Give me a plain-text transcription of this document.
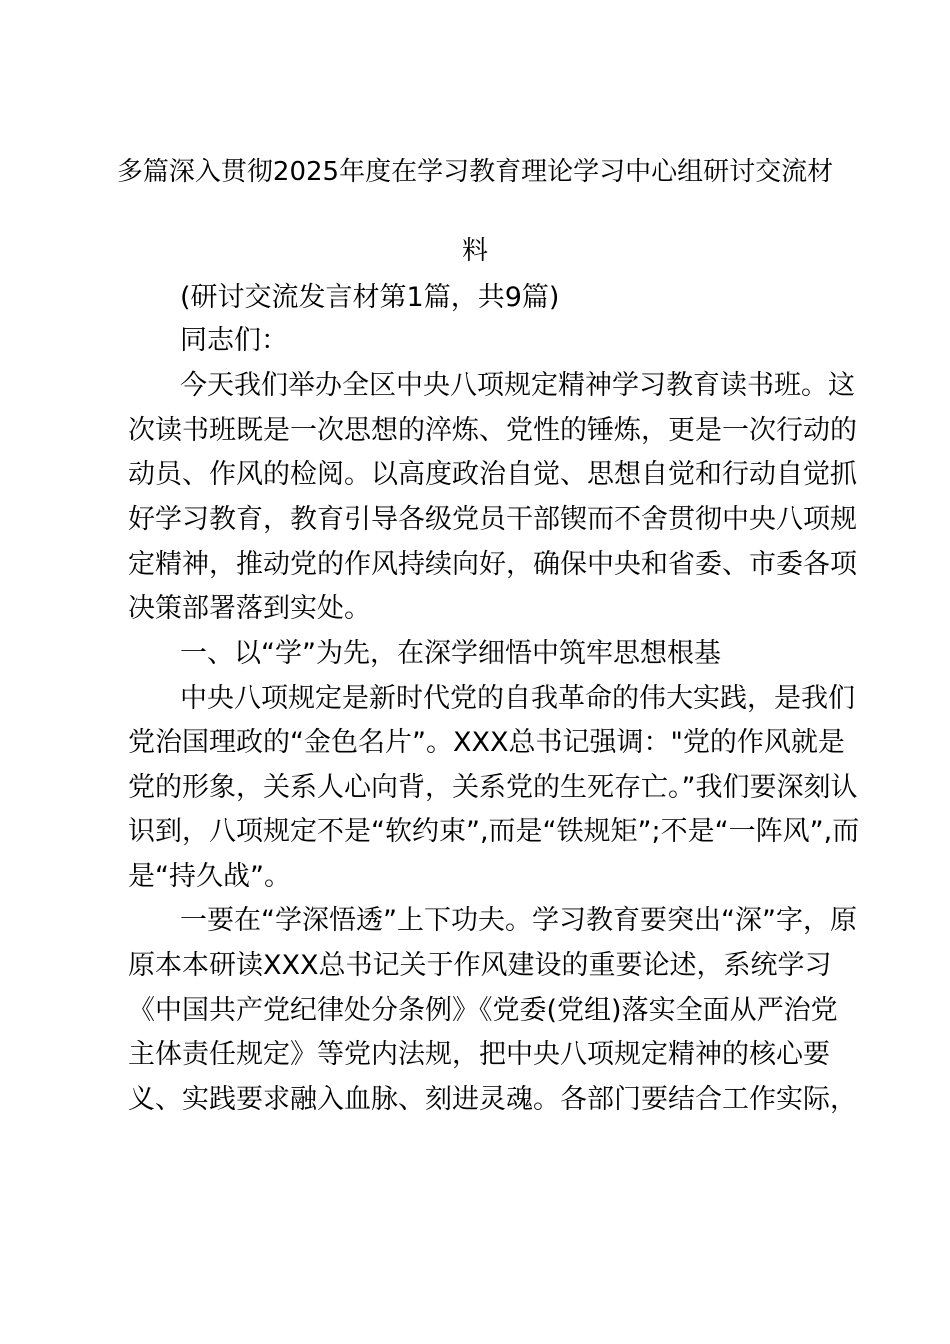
多篇深入贯彻2025年度在学习教育理论学习中心组研讨交流材
料
(研讨交流发言材第1篇，共9篇)
同志们：
今天我们举办全区中央八项规定精神学习教育读书班。这
次读书班既是一次思想的淬炼、党性的锤炼，更是一次行动的
动员、作风的检阅。以高度政治自觉、思想自觉和行动自觉抓
好学习教育，教育引导各级党员干部锲而不舍贯彻中央八项规
定精神，推动党的作风持续向好，确保中央和省委、市委各项
决策部署落到实处。
一、以“学”为先，在深学细悟中筑牢思想根基
中央八项规定是新时代党的自我革命的伟大实践，是我们
党治国理政的“金色名片”。XXX总书记强调："党的作风就是
党的形象，关系人心向背，关系党的生死存亡。”我们要深刻认
识到，八项规定不是“软约束”,而是“铁规矩”;不是“一阵风”,而
是“持久战”。
一要在“学深悟透”上下功夫。学习教育要突出“深”字，原
原本本研读XXX总书记关于作风建设的重要论述，系统学习
《中国共产党纪律处分条例》《党委(党组)落实全面从严治党
主体责任规定》等党内法规，把中央八项规定精神的核心要
义、实践要求融入血脉、刻进灵魂。各部门要结合工作实际，
